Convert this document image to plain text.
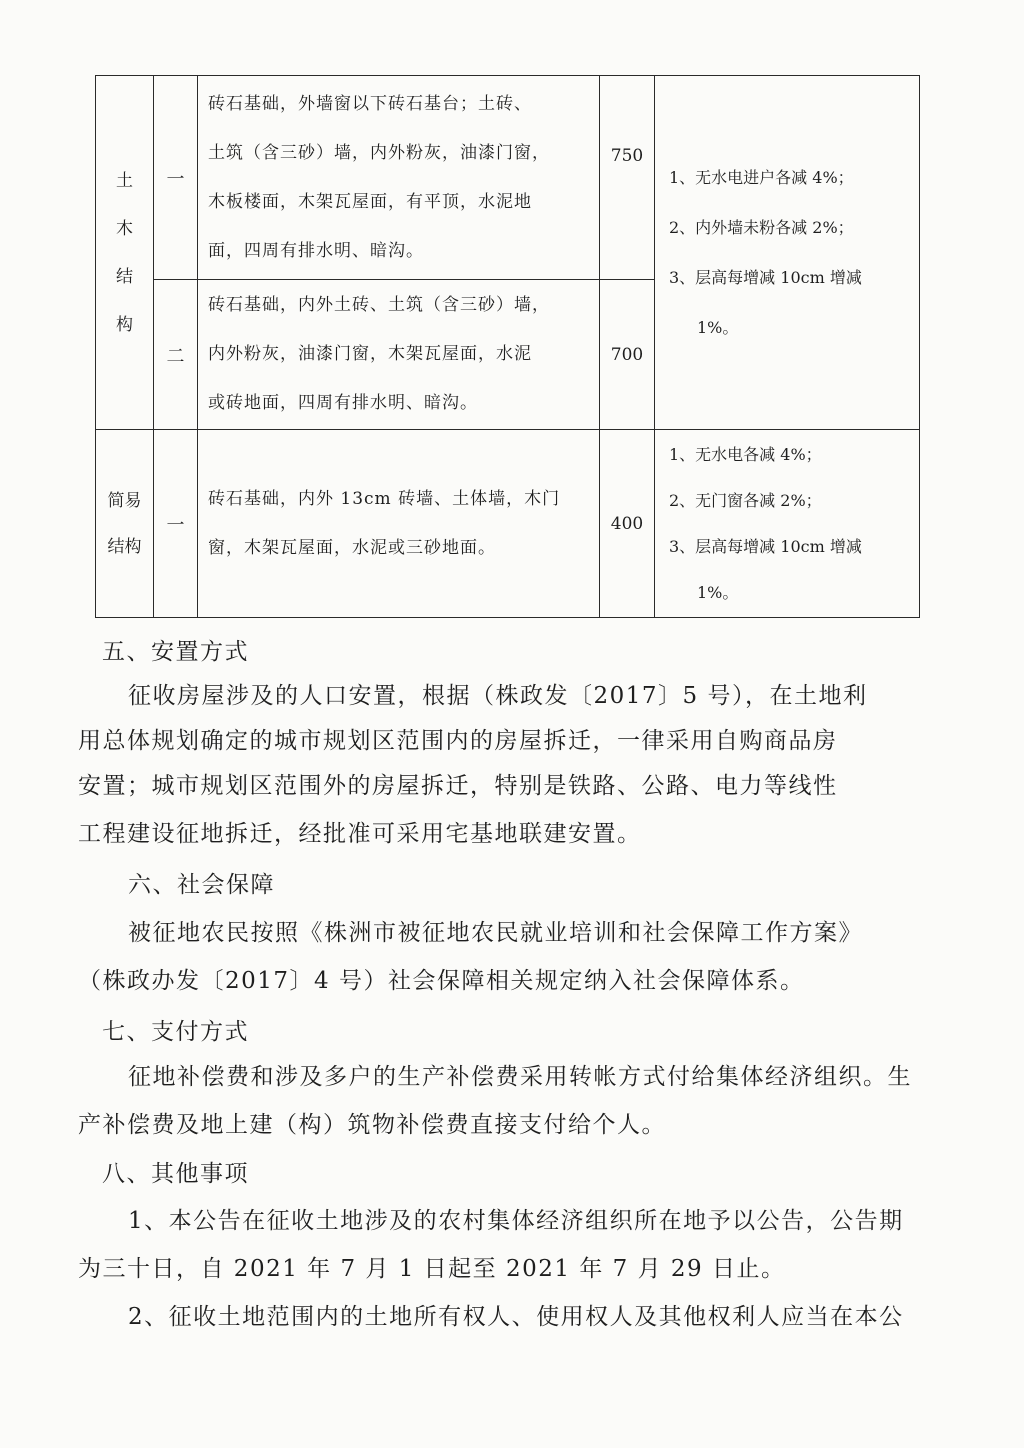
土
木
结
构	一	砖石基础，外墙窗以下砖石基台；土砖、
土筑（含三砂）墙，内外粉灰，油漆门窗，
木板楼面，木架瓦屋面，有平顶，水泥地
面，四周有排水明、暗沟。	750	1、无水电进户各减 4%；
2、内外墙未粉各减 2%；
3、层高每增减 10cm 增减
1%。

	二	砖石基础，内外土砖、土筑（含三砂）墙，
内外粉灰，油漆门窗，木架瓦屋面，水泥
或砖地面，四周有排水明、暗沟。	700	

简易
结构	一	砖石基础，内外 13cm 砖墙、土体墙，木门
窗，木架瓦屋面，水泥或三砂地面。	400	1、无水电各减 4%；
2、无门窗各减 2%；
3、层高每增减 10cm 增减
1%。
五、安置方式
征收房屋涉及的人口安置，根据（株政发〔2017〕5 号），在土地利
用总体规划确定的城市规划区范围内的房屋拆迁，一律采用自购商品房
安置；城市规划区范围外的房屋拆迁，特别是铁路、公路、电力等线性
工程建设征地拆迁，经批准可采用宅基地联建安置。
六、社会保障
被征地农民按照《株洲市被征地农民就业培训和社会保障工作方案》
（株政办发〔2017〕4 号）社会保障相关规定纳入社会保障体系。
七、支付方式
征地补偿费和涉及多户的生产补偿费采用转帐方式付给集体经济组织。生
产补偿费及地上建（构）筑物补偿费直接支付给个人。
八、其他事项
1、本公告在征收土地涉及的农村集体经济组织所在地予以公告，公告期
为三十日，自 2021 年 7 月 1 日起至 2021 年 7 月 29 日止。
2、征收土地范围内的土地所有权人、使用权人及其他权利人应当在本公
